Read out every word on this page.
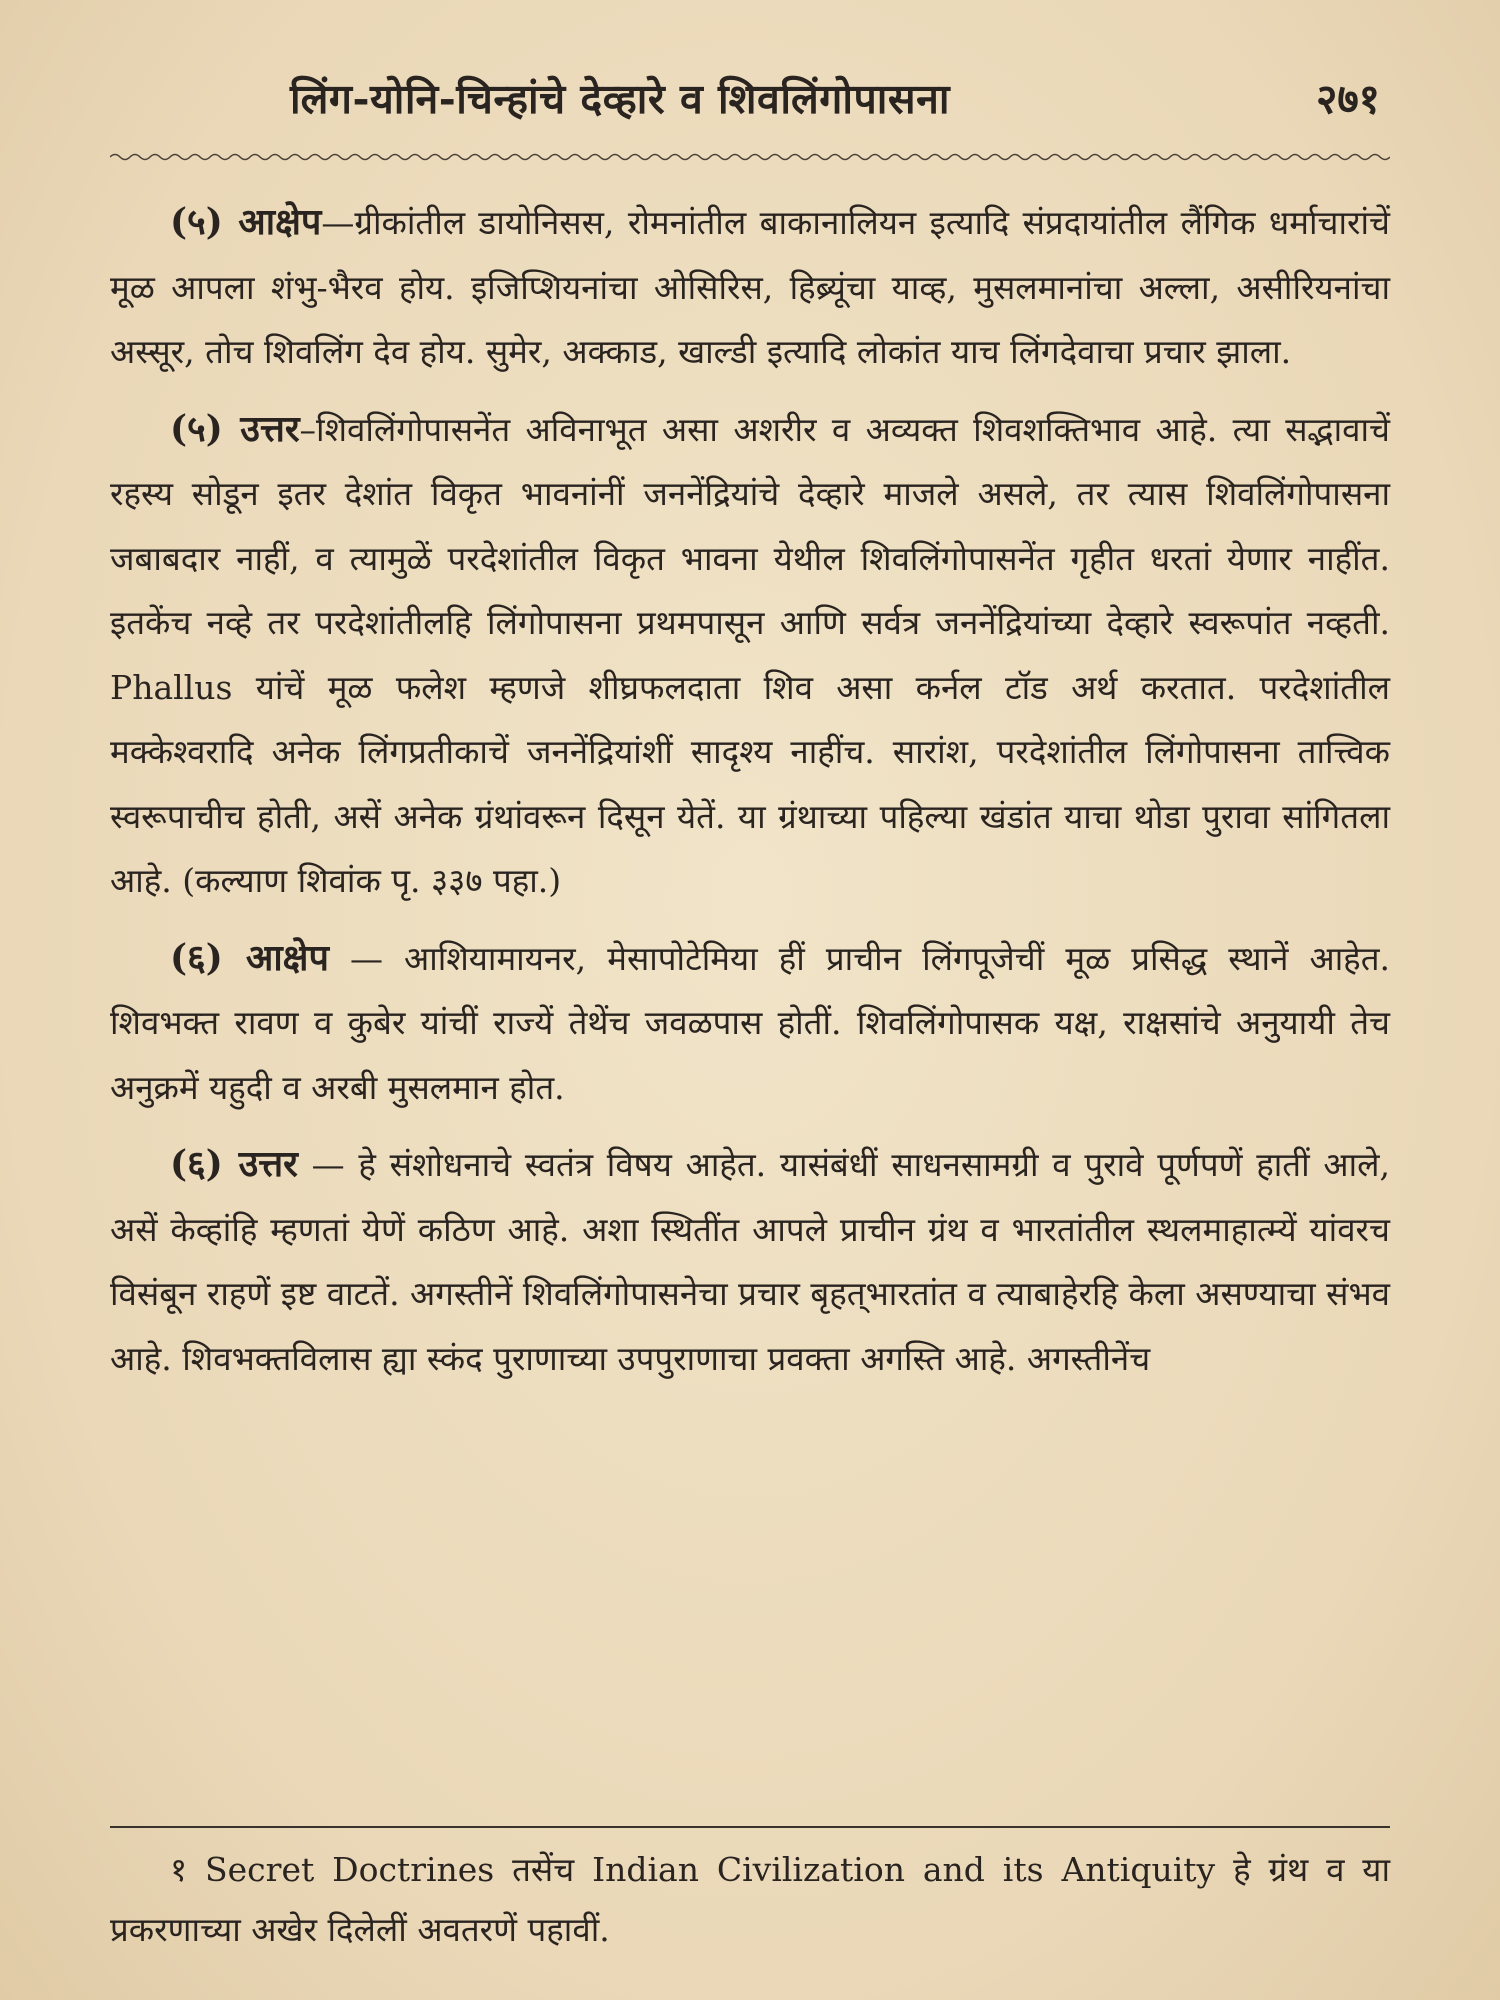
लिंग-योनि-चिन्हांचे देव्हारे व शिवलिंगोपासना	२७१

(५) आक्षेप—ग्रीकांतील डायोनिसस, रोमनांतील बाकानालियन इत्यादि संप्रदायांतील लैंगिक धर्माचारांचें मूळ आपला शंभु-भैरव होय. इजिप्शियनांचा ओसिरिस, हिब्र्यूंचा याव्ह, मुसलमानांचा अल्ला, असीरियनांचा अस्सूर, तोच शिवलिंग देव होय. सुमेर, अक्काड, खाल्डी इत्यादि लोकांत याच लिंगदेवाचा प्रचार झाला.

(५) उत्तर–शिवलिंगोपासनेंत अविनाभूत असा अशरीर व अव्यक्त शिवशक्तिभाव आहे. त्या सद्भावाचें रहस्य सोडून इतर देशांत विकृत भावनांनीं जननेंद्रियांचे देव्हारे माजले असले, तर त्यास शिवलिंगोपासना जबाबदार नाहीं, व त्यामुळें परदेशांतील विकृत भावना येथील शिवलिंगोपासनेंत गृहीत धरतां येणार नाहींत. इतकेंच नव्हे तर परदेशांतीलहि लिंगोपासना प्रथमपासून आणि सर्वत्र जननेंद्रियांच्या देव्हारे स्वरूपांत नव्हती. Phallus यांचें मूळ फलेश म्हणजे शीघ्रफलदाता शिव असा कर्नल टॉड अर्थ करतात. परदेशांतील मक्केश्वरादि अनेक लिंगप्रतीकाचें जननेंद्रियांशीं सादृश्य नाहींच. सारांश, परदेशांतील लिंगोपासना तात्त्विक स्वरूपाचीच होती, असें अनेक ग्रंथांवरून दिसून येतें. या ग्रंथाच्या पहिल्या खंडांत याचा थोडा पुरावा सांगितला आहे. (कल्याण शिवांक पृ. ३३७ पहा.)

(६) आक्षेप — आशियामायनर, मेसापोटेमिया हीं प्राचीन लिंगपूजेचीं मूळ प्रसिद्ध स्थानें आहेत. शिवभक्त रावण व कुबेर यांचीं राज्यें तेथेंच जवळपास होतीं. शिवलिंगोपासक यक्ष, राक्षसांचे अनुयायी तेच अनुक्रमें यहुदी व अरबी मुसलमान होत.

(६) उत्तर — हे संशोधनाचे स्वतंत्र विषय आहेत. यासंबंधीं साधनसामग्री व पुरावे पूर्णपणें हातीं आले, असें केव्हांहि म्हणतां येणें कठिण आहे. अशा स्थितींत आपले प्राचीन ग्रंथ व भारतांतील स्थलमाहात्म्यें यांवरच विसंबून राहणें इष्ट वाटतें. अगस्तीनें शिवलिंगोपासनेचा प्रचार बृहत्‌भारतांत व त्याबाहेरहि केला असण्याचा संभव आहे. शिवभक्तविलास ह्या स्कंद पुराणाच्या उपपुराणाचा प्रवक्ता अगस्ति आहे. अगस्तीनेंच

१ Secret Doctrines तसेंच Indian Civilization and its Antiquity हे ग्रंथ व या प्रकरणाच्या अखेर दिलेलीं अवतरणें पहावीं.
